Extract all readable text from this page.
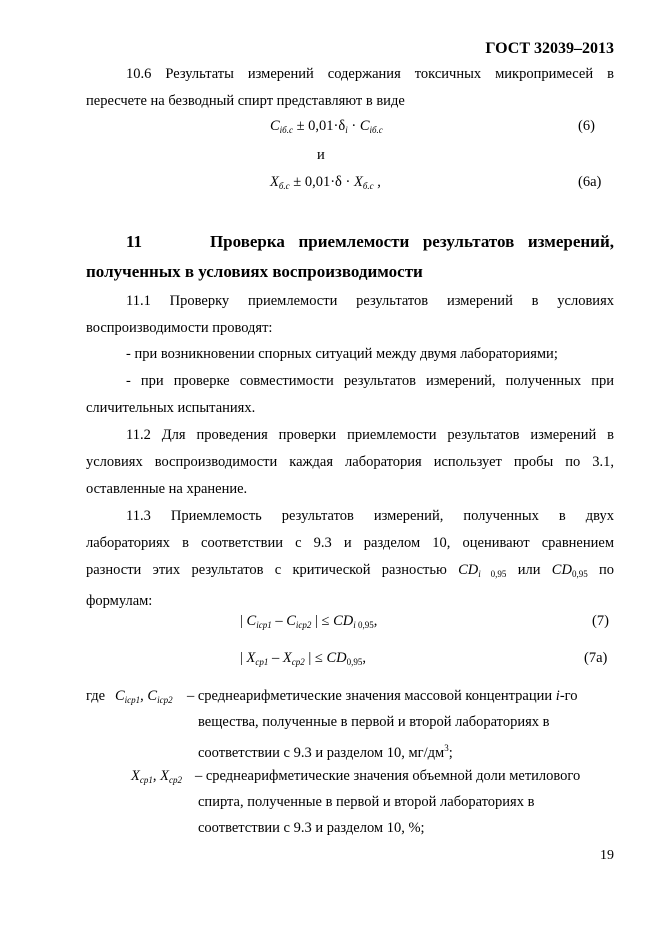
ГОСТ 32039–2013
10.6 Результаты измерений содержания токсичных микропримесей в
пересчете на безводный спирт представляют в виде
$C_{iб.с} \pm 0,01\cdot\delta_i \cdot C_{iб.с}$	(6)
и
$X_{б.с} \pm 0,01\cdot\delta \cdot X_{б.с}$ ,	(6а)
11	Проверка приемлемости результатов измерений,
полученных в условиях воспроизводимости
11.1 Проверку приемлемости результатов измерений в условиях
воспроизводимости проводят:
- при возникновении спорных ситуаций между двумя лабораториями;
- при проверке совместимости результатов измерений, полученных при
сличительных испытаниях.
11.2 Для проведения проверки приемлемости результатов измерений в
условиях воспроизводимости каждая лаборатория использует пробы по 3.1,
оставленные на хранение.
11.3 Приемлемость результатов измерений, полученных в двух
лабораториях в соответствии с 9.3 и разделом 10, оценивают сравнением
разности этих результатов с критической разностью $CD_i$ $_{0,95}$ или $CD_{0,95}$ по
формулам:
| $C_{icp1} - C_{icp2}$ | ≤ $CD_{i 0,95}$,	(7)
| $X_{cp1} - X_{cp2}$ | ≤ $CD_{0,95}$,	(7а)
где $C_{icp1}$, $C_{icp2}$ – среднеарифметические значения массовой концентрации i-го
вещества, полученные в первой и второй лабораториях в
соответствии с 9.3 и разделом 10, $мг/дм^3$;
$X_{cp1}$, $X_{cp2}$ – среднеарифметические значения объемной доли метилового
спирта, полученные в первой и второй лабораториях в
соответствии с 9.3 и разделом 10, %;
19
